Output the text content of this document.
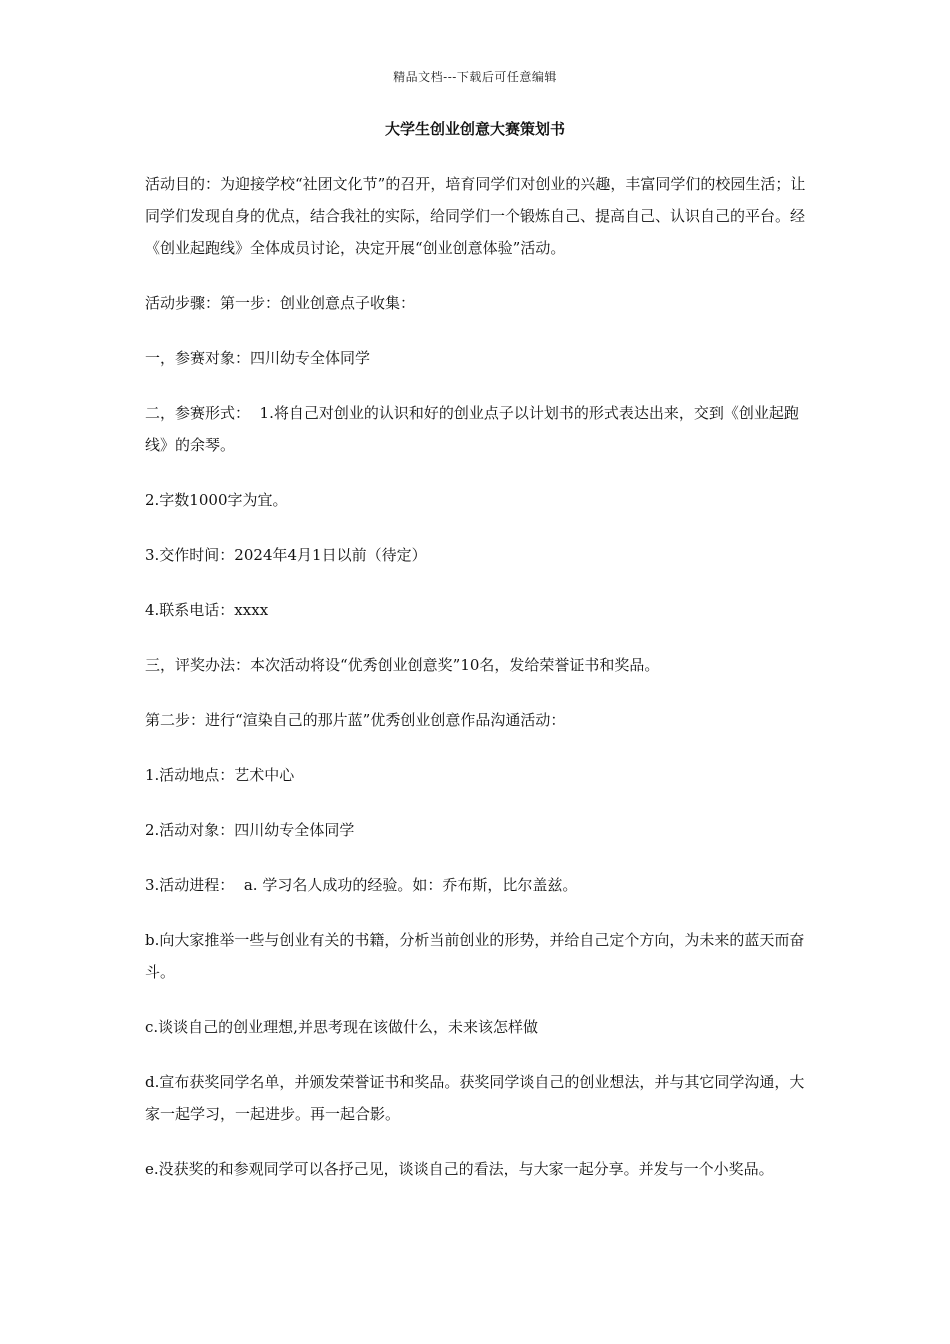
精品文档---下载后可任意编辑
大学生创业创意大赛策划书

活动目的：为迎接学校“社团文化节”的召开，培育同学们对创业的兴趣，丰富同学们的校园生活；让同学们发现自身的优点，结合我社的实际，给同学们一个锻炼自己、提高自己、认识自己的平台。经《创业起跑线》全体成员讨论，决定开展“创业创意体验”活动。

活动步骤：第一步：创业创意点子收集：

一，参赛对象：四川幼专全体同学

二，参赛形式：  1.将自己对创业的认识和好的创业点子以计划书的形式表达出来，交到《创业起跑线》的余琴。

2.字数1000字为宜。

3.交作时间：2024年4月1日以前（待定）

4.联系电话：xxxx

三，评奖办法：本次活动将设“优秀创业创意奖”10名，发给荣誉证书和奖品。

第二步：进行“渲染自己的那片蓝”优秀创业创意作品沟通活动：

1.活动地点：艺术中心

2.活动对象：四川幼专全体同学

3.活动进程：  a. 学习名人成功的经验。如：乔布斯，比尔盖兹。

b.向大家推举一些与创业有关的书籍，分析当前创业的形势，并给自己定个方向，为未来的蓝天而奋斗。

c.谈谈自己的创业理想,并思考现在该做什么，未来该怎样做

d.宣布获奖同学名单，并颁发荣誉证书和奖品。获奖同学谈自己的创业想法，并与其它同学沟通，大家一起学习，一起进步。再一起合影。

e.没获奖的和参观同学可以各抒己见，谈谈自己的看法，与大家一起分享。并发与一个小奖品。
